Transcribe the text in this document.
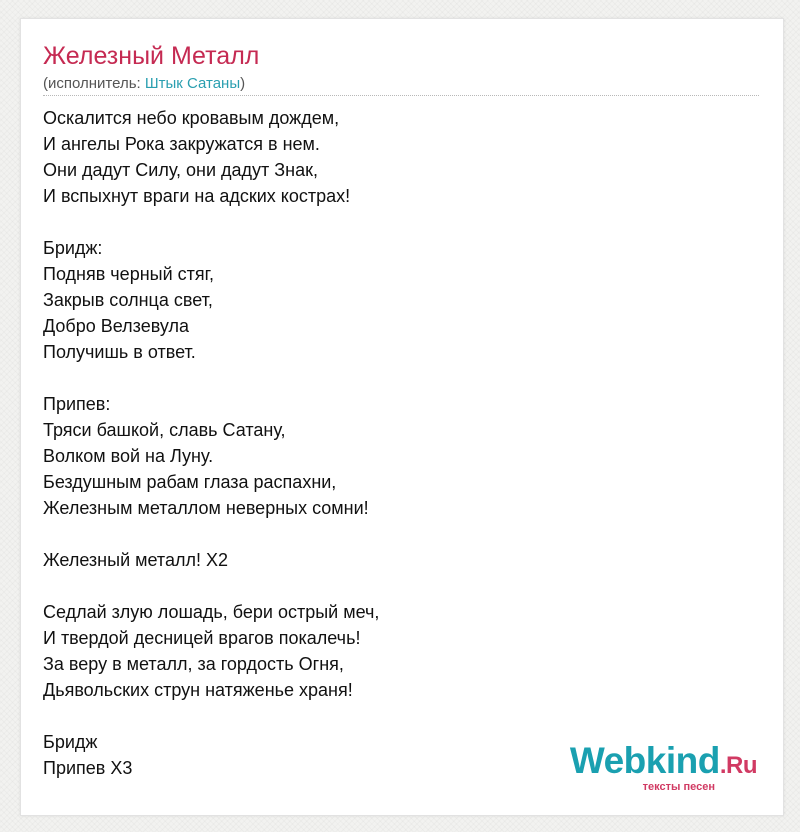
Железный Металл
(исполнитель: Штык Сатаны)
Оскалится небо кровавым дождем,
И ангелы Рока закружатся в нем.
Они дадут Силу, они дадут Знак,
И вспыхнут враги на адских кострах!
Бридж:
Подняв черный стяг,
Закрыв солнца свет,
Добро Велзевула
Получишь в ответ.
Припев:
Тряси башкой, славь Сатану,
Волком вой на Луну.
Бездушным рабам глаза распахни,
Железным металлом неверных сомни!
Железный металл! Х2
Седлай злую лошадь, бери острый меч,
И твердой десницей врагов покалечь!
За веру в металл, за гордость Огня,
Дьявольских струн натяженье храня!
Бридж
Припев Х3	Webkind.Ru
тексты песен
